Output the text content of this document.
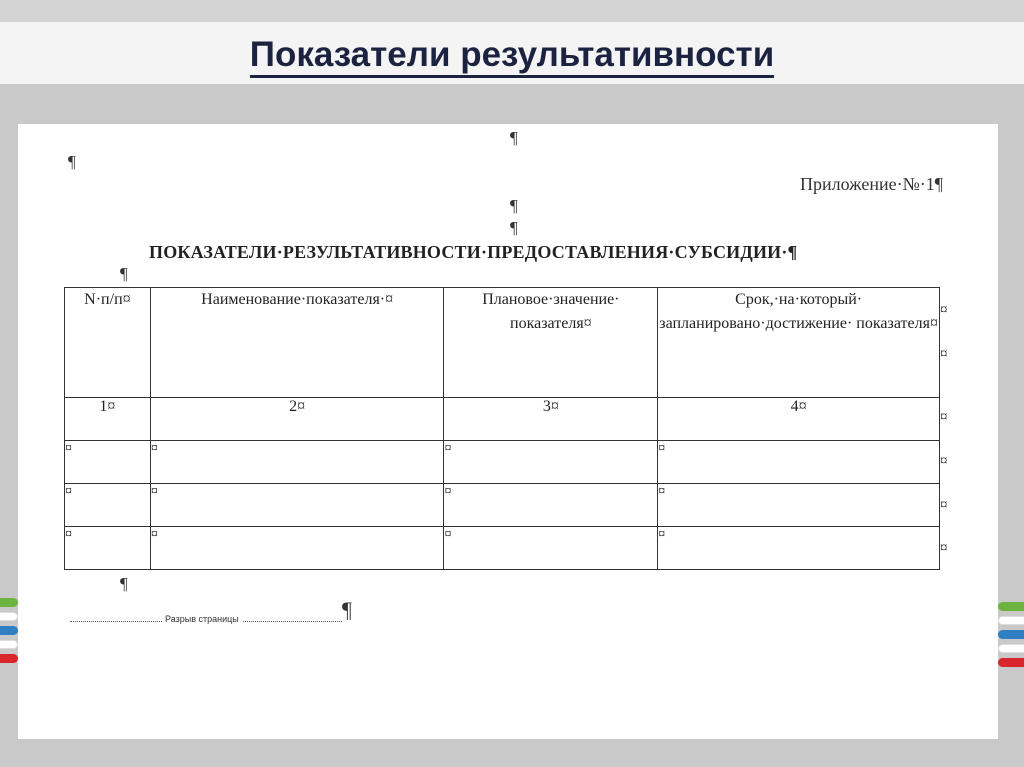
Показатели результативности
¶
¶
Приложение·№·1¶
¶
¶
ПОКАЗАТЕЛИ·РЕЗУЛЬТАТИВНОСТИ·ПРЕДОСТАВЛЕНИЯ·СУБСИДИИ·¶
¶
N·п/п¤	Наименование·показателя·¤	Плановое·значение· показателя¤	Срок,·на·который· запланировано·достижение· показателя¤
1¤	2¤	3¤	4¤
¤	¤	¤	¤
¤	¤	¤	¤
¤	¤	¤	¤
¤
¤
¤
¤
¤
¤
¶
Разрыв страницы	¶
